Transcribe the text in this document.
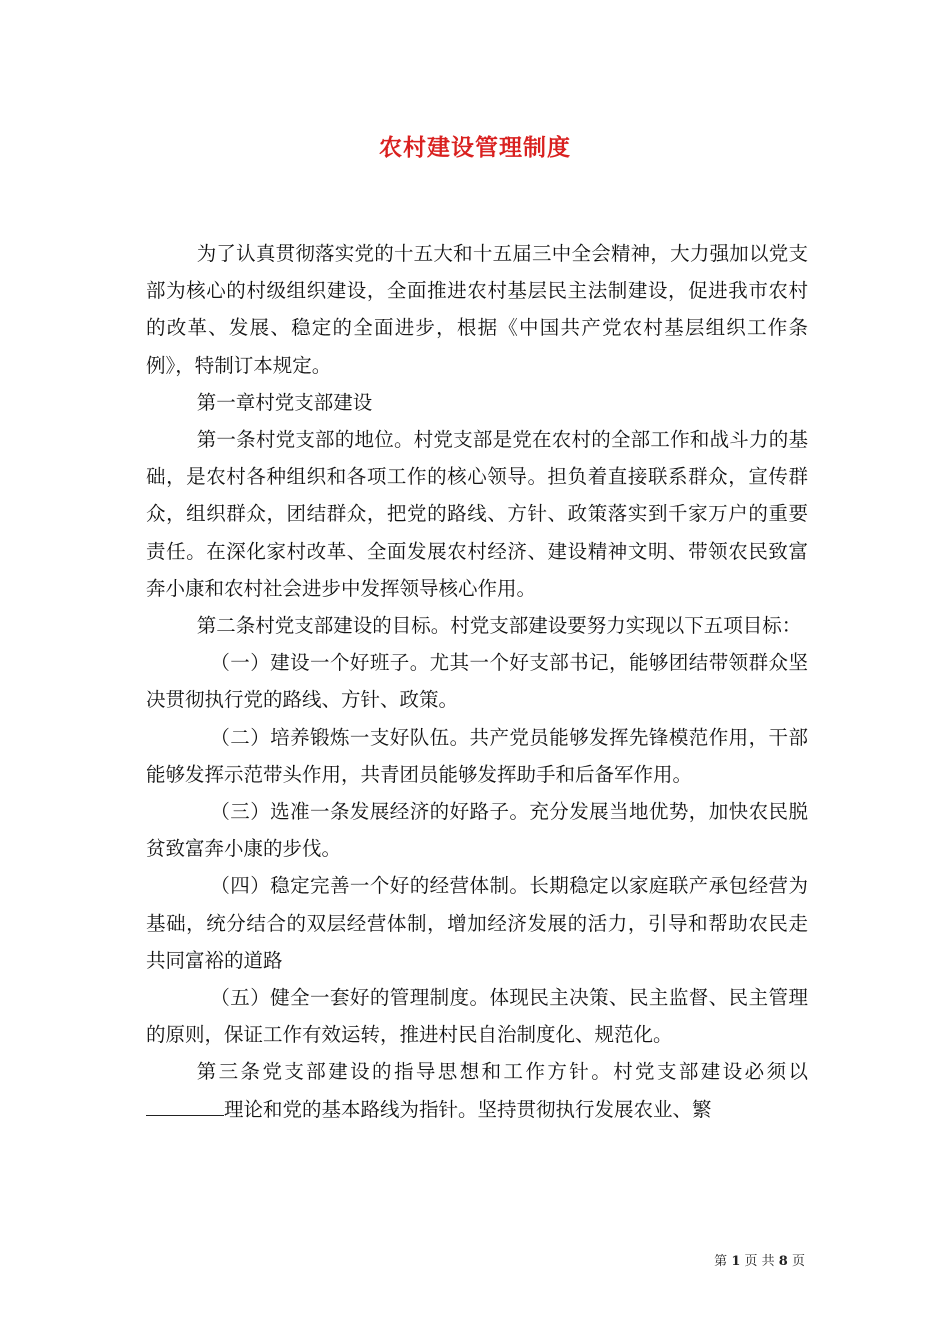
农村建设管理制度

为了认真贯彻落实党的十五大和十五届三中全会精神，大力强加以党支部为核心的村级组织建设，全面推进农村基层民主法制建设，促进我市农村的改革、发展、稳定的全面进步，根据《中国共产党农村基层组织工作条例》，特制订本规定。

第一章村党支部建设

第一条村党支部的地位。村党支部是党在农村的全部工作和战斗力的基础，是农村各种组织和各项工作的核心领导。担负着直接联系群众，宣传群众，组织群众，团结群众，把党的路线、方针、政策落实到千家万户的重要责任。在深化家村改革、全面发展农村经济、建设精神文明、带领农民致富奔小康和农村社会进步中发挥领导核心作用。

第二条村党支部建设的目标。村党支部建设要努力实现以下五项目标：

（一）建设一个好班子。尤其一个好支部书记，能够团结带领群众坚决贯彻执行党的路线、方针、政策。

（二）培养锻炼一支好队伍。共产党员能够发挥先锋模范作用，干部能够发挥示范带头作用，共青团员能够发挥助手和后备军作用。

（三）选准一条发展经济的好路子。充分发展当地优势，加快农民脱贫致富奔小康的步伐。

（四）稳定完善一个好的经营体制。长期稳定以家庭联产承包经营为基础，统分结合的双层经营体制，增加经济发展的活力，引导和帮助农民走共同富裕的道路

（五）健全一套好的管理制度。体现民主决策、民主监督、民主管理的原则，保证工作有效运转，推进村民自治制度化、规范化。

第三条党支部建设的指导思想和工作方针。村党支部建设必须以理论和党的基本路线为指针。坚持贯彻执行发展农业、繁

第 1 页 共 8 页
